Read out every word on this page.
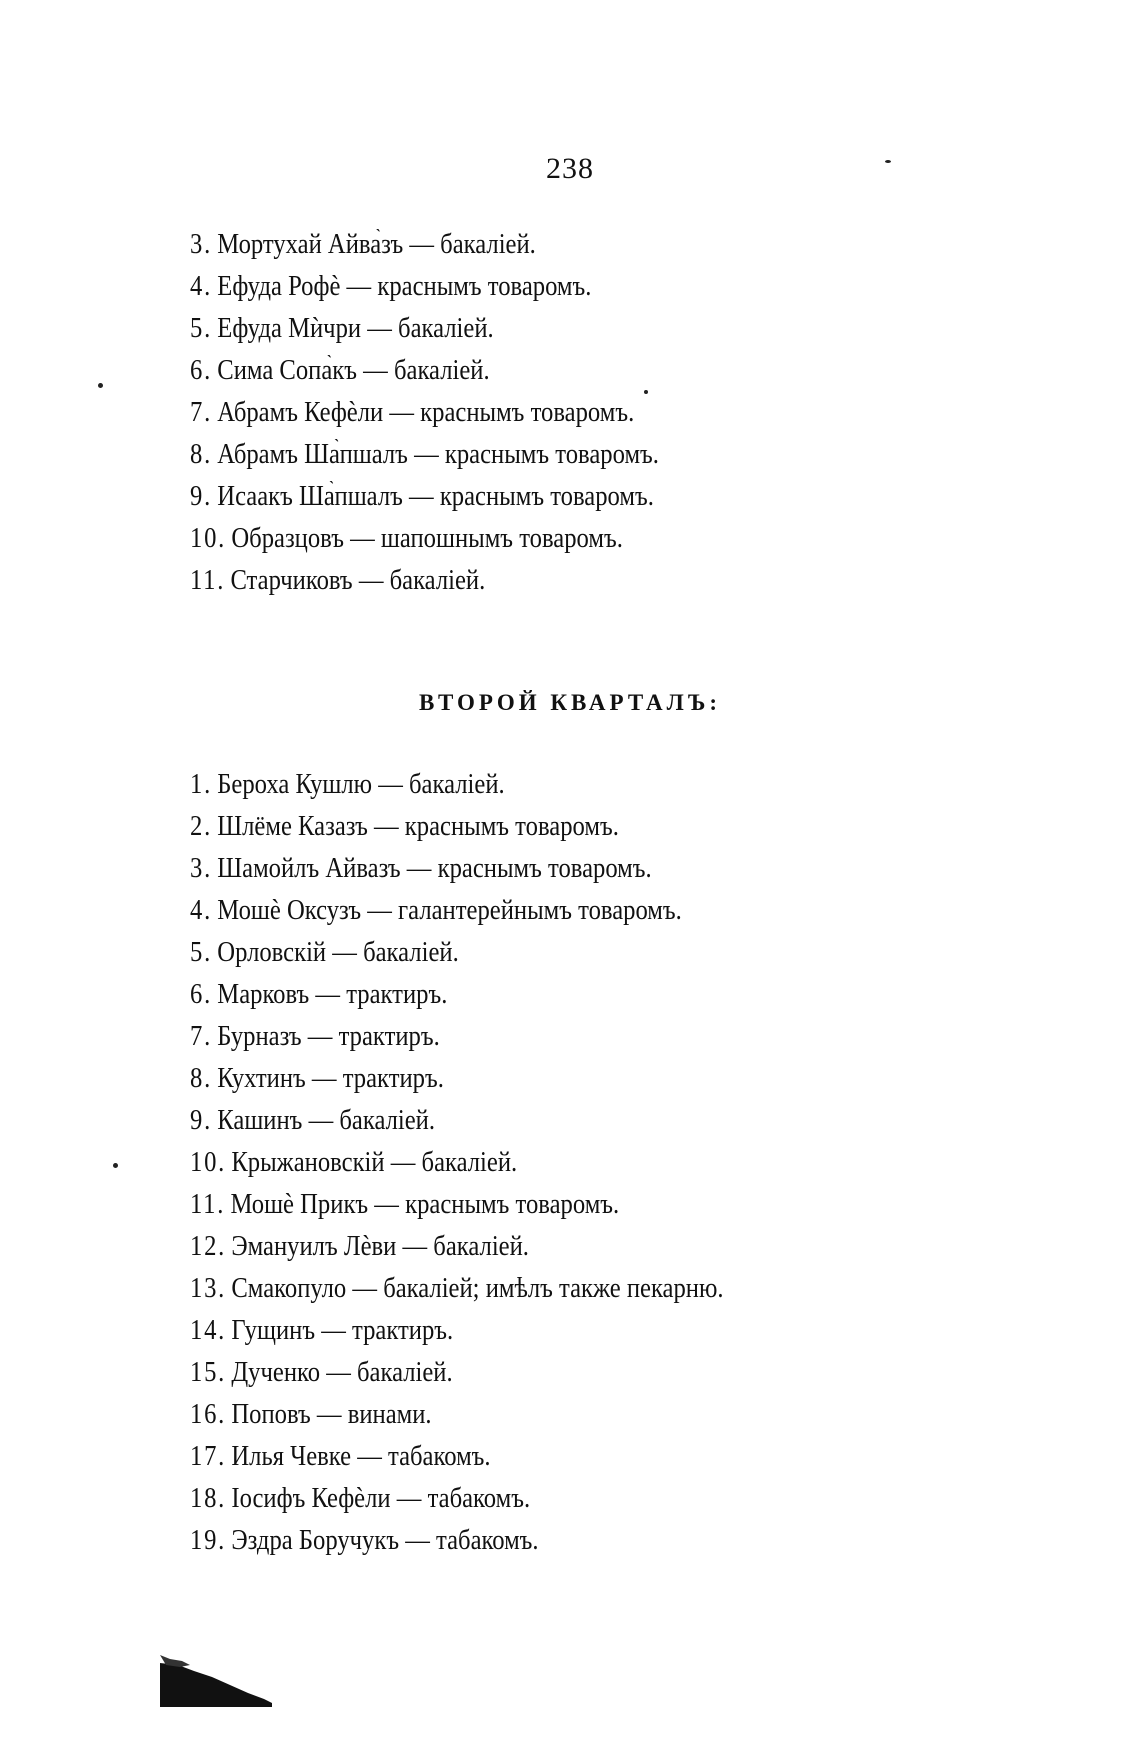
238
3. Мортухай Айва̀зъ — бакаліей.
4. Ефуда Рофѐ — краснымъ товаромъ.
5. Ефуда Мѝчри — бакаліей.
6. Сима Сопа̀къ — бакаліей.
7. Абрамъ Кефѐли — краснымъ товаромъ.
8. Абрамъ Ша̀пшалъ — краснымъ товаромъ.
9. Исаакъ Ша̀пшалъ — краснымъ товаромъ.
10. Образцовъ — шапошнымъ товаромъ.
11. Старчиковъ — бакаліей.
ВТОРОЙ КВАРТАЛЪ:
1. Бероха Кушлю — бакаліей.
2. Шлёме Казазъ — краснымъ товаромъ.
3. Шамойлъ Айвазъ — краснымъ товаромъ.
4. Мошѐ Оксузъ — галантерейнымъ товаромъ.
5. Орловскій — бакаліей.
6. Марковъ — трактиръ.
7. Бурназъ — трактиръ.
8. Кухтинъ — трактиръ.
9. Кашинъ — бакаліей.
10. Крыжановскій — бакаліей.
11. Мошѐ Прикъ — краснымъ товаромъ.
12. Эмануилъ Лѐви — бакаліей.
13. Смакопуло — бакаліей; имѣлъ также пекарню.
14. Гущинъ — трактиръ.
15. Дученко — бакаліей.
16. Поповъ — винами.
17. Илья Чевке — табакомъ.
18. Іосифъ Кефѐли — табакомъ.
19. Эздра Боручукъ — табакомъ.
